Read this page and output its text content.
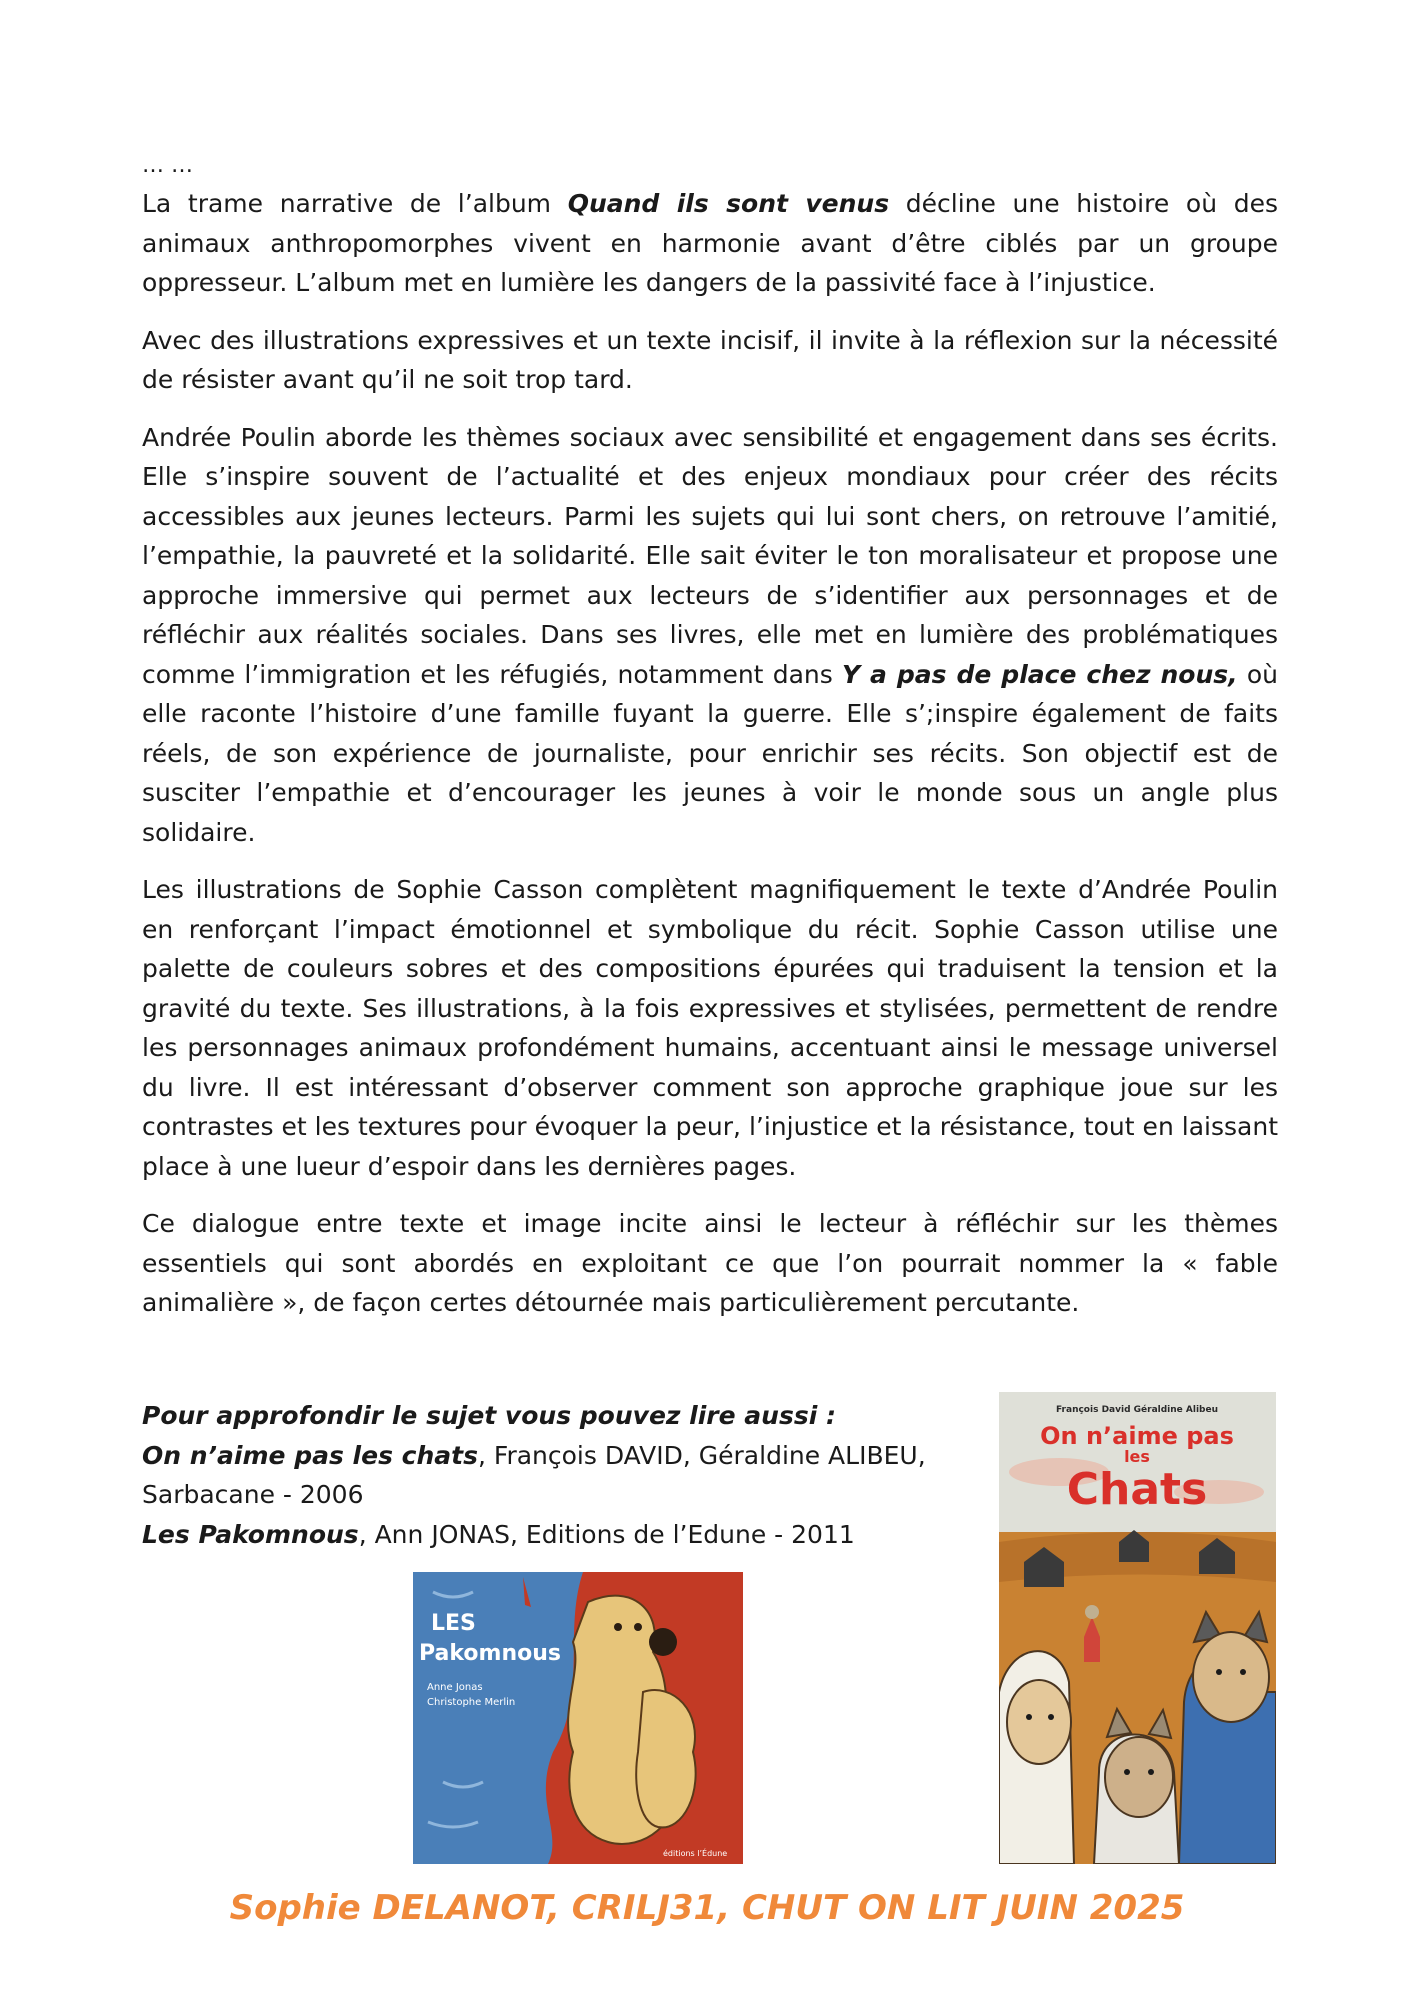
… …

La trame narrative de l’album Quand ils sont venus décline une histoire où des animaux anthropomorphes vivent en harmonie avant d’être ciblés par un groupe oppresseur. L’album met en lumière les dangers de la passivité face à l’injustice.

Avec des illustrations expressives et un texte incisif, il invite à la réflexion sur la nécessité de résister avant qu’il ne soit trop tard.

Andrée Poulin aborde les thèmes sociaux avec sensibilité et engagement dans ses écrits. Elle s’inspire souvent de l’actualité et des enjeux mondiaux pour créer des récits accessibles aux jeunes lecteurs. Parmi les sujets qui lui sont chers, on retrouve l’amitié, l’empathie, la pauvreté et la solidarité. Elle sait éviter le ton moralisateur et propose une approche immersive qui permet aux lecteurs de s’identifier aux personnages et de réfléchir aux réalités sociales. Dans ses livres, elle met en lumière des problématiques comme l’immigration et les réfugiés, notamment dans Y a pas de place chez nous, où elle raconte l’histoire d’une famille fuyant la guerre. Elle s’;inspire également de faits réels, de son expérience de journaliste, pour enrichir ses récits. Son objectif est de susciter l’empathie et d’encourager les jeunes à voir le monde sous un angle plus solidaire.

Les illustrations de Sophie Casson complètent magnifiquement le texte d’Andrée Poulin en renforçant l’impact émotionnel et symbolique du récit. Sophie Casson utilise une palette de couleurs sobres et des compositions épurées qui traduisent la tension et la gravité du texte. Ses illustrations, à la fois expressives et stylisées, permettent de rendre les personnages animaux profondément humains, accentuant ainsi le message universel du livre. Il est intéressant d’observer comment son approche graphique joue sur les contrastes et les textures pour évoquer la peur, l’injustice et la résistance, tout en laissant place à une lueur d’espoir dans les dernières pages.

Ce dialogue entre texte et image incite ainsi le lecteur à réfléchir sur les thèmes essentiels qui sont abordés en exploitant ce que l’on pourrait nommer la « fable animalière », de façon certes détournée mais particulièrement percutante.

Pour approfondir le sujet vous pouvez lire aussi :
On n’aime pas les chats, François DAVID, Géraldine ALIBEU,
Sarbacane - 2006
Les Pakomnous, Ann JONAS, Editions de l’Edune - 2011
LES
Pakomnous
Anne Jonas
Christophe Merlin
éditions l’Édune
François David Géraldine Alibeu
On n’aime pas
les
Chats
Sophie DELANOT, CRILJ31, CHUT ON LIT JUIN 2025
